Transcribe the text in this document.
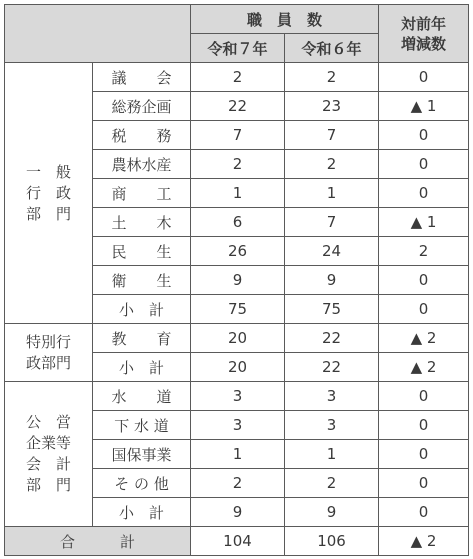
		職　員　数		対前年
増減数
		令和７年	令和６年	
一　般
行　政
部　門	議　　会	2	2	0
	総務企画	22	23	▲ 1
	税　　務	7	7	0
	農林水産	2	2	0
	商　　工	1	1	0
	土　　木	6	7	▲ 1
	民　　生	26	24	2
	衛　　生	9	9	0
	小　計	75	75	0
特別行
政部門	教　　育	20	22	▲ 2
	小　計	20	22	▲ 2
公　営
企業等
会　計
部　門	水　　道	3	3	0
	下 水 道	3	3	0
	国保事業	1	1	0
	そ の 他	2	2	0
	小　計	9	9	0
合　　　計		104	106	▲ 2
